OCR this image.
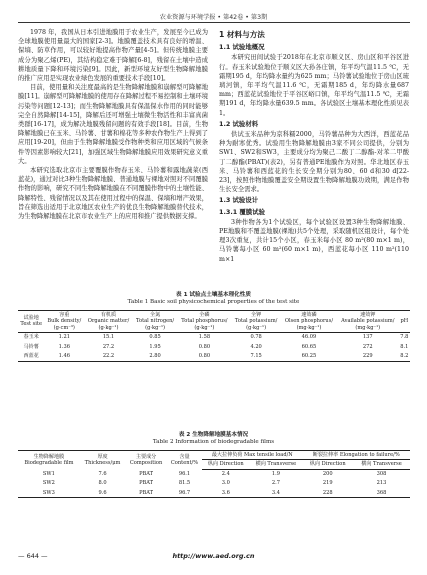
农业资源与环境学报 • 第42卷 • 第3期

1978 年，我国从日本引进地膜用于农业生产，发展至今已成为全球地膜使用量最大的国家[2-3]。地膜覆盖技术具有良好的增温、保墒、防草作用，可以较好地提高作物产量[4-5]。但传统地膜主要成分为聚乙烯(PE)，其结构稳定难于降解[6-8]，残留在土壤中造成耕地质量下降和环境污染[9]。因此，新型环境友好型生物降解地膜的推广应用是实现农业绿色发展的重要技术手段[10]。

目前，使用量和关注度最高的是生物降解地膜和崩解型可降解地膜[11]。崩解型可降解地膜的使用存在降解过程不易控制和土壤环境污染等问题[12-13]；而生物降解地膜具有保温保水作用的同时能够完全自然降解[14-15]，降解后还可增强土壤微生物活性和丰富真菌类群[16-17]，成为解决地膜残留问题的有效手段[18]。目前，生物降解地膜已在玉米、马铃薯、甘薯和棉花等多种农作物生产上得到了应用[19-20]，但由于生物降解地膜受作物种类和应用区域的气候条件等因素影响较大[21]，加强区域生物降解地膜应用效果研究意义重大。

本研究选取北京市主要覆膜作物春玉米、马铃薯和露地蔬菜(西蓝花)，通过对比3种生物降解地膜、普通地膜与裸地对照对不同覆膜作物的影响，研究不同生物降解地膜在不同覆膜作物中的土壤性能、降解特性、残留情况以及其在使用过程中的保温、保墒和增产效果，旨在筛选出适用于北京地区农业生产的优良生物降解地膜替代技术，为生物降解地膜在北京市农业生产上的应用和推广提供数据支撑。

1 材料与方法
1.1 试验地概况

本研究田间试验于2018年在北京市顺义区、房山区和平谷区进行。春玉米试验地位于顺义区大孙各庄镇，年平均气温11.5 ℃，无霜期195 d，年均降水量约为625 mm；马铃薯试验地位于房山区琉璃河镇，年平均气温11.6 ℃，无霜期185 d，年均降水量687 mm；西蓝花试验地位于平谷区峪口镇，年平均气温11.5 ℃，无霜期191 d，年均降水量639.5 mm。各试验区土壤基本理化性质见表1。

1.2 试验材料

供试玉米品种为京科糯2000，马铃薯品种为大西洋，西蓝花品种为耐寒优秀。试验用生物降解地膜由3家不同公司提供，分别为SW1、SW2和SW3，主要成分均为聚己二酸丁二醇酯-对苯二甲酸丁二醇酯(PBAT)(表2)，另有普通PE地膜作为对照。华北地区春玉米、马铃薯和西蓝花的生长安全期分别为80、60 d和30 d[22-23]，按照作物地膜覆盖安全期设置生物降解地膜功效期，满足作物生长安全需求。

1.3 试验设计
1.3.1 覆膜试验

3种作物各为1个试验区，每个试验区设置3种生物降解地膜、PE地膜和不覆盖地膜(裸地)共5个处理，采取随机区组设计，每个处理3次重复，共计15个小区，春玉米每小区 80 m²(80 m×1 m)，马铃薯每小区 60 m²(60 m×1 m)，西蓝花每小区 110 m²(110 m×1

表 1 试验点土壤基本理化性质
Table 1 Basic soil physicochemical properties of the test site
试验地
Test site	容重
Bulk density/
(g·cm⁻³)	有机质
Organic matter/
(g·kg⁻¹)	全氮
Total nitrogen/
(g·kg⁻¹)	全磷
Total phosphorus/
(g·kg⁻¹)	全钾
Total potassium/
(g·kg⁻¹)	速效磷
Olsen phosphorus/
(mg·kg⁻¹)	速效钾
Available potassium/
(mg·kg⁻¹)	pH
春玉米	1.21	15.1	0.85	1.58	0.78	46.09	137	7.8
马铃薯	1.36	27.2	1.95	0.80	4.20	60.65	272	8.1
西蓝花	1.46	22.2	2.80	0.80	7.15	60.25	229	8.2
表 2 生物降解地膜基本情况
Table 2 Information of biodegradable films
生物降解地膜
Biodegradable film	厚度
Thickness/μm	主要成分
Composition	含量
Content/%	最大拉伸负荷 Max tensile load/N		断裂拉伸率 Elongation to failure/%	
				纵向 Direction	横向 Transverse	纵向 Direction	横向 Transverse
SW1	7.6	PBAT	96.1	2.4	1.9	200	308
SW2	8.0	PBAT	81.5	3.0	2.7	219	213
SW3	9.6	PBAT	96.7	3.6	3.4	228	368
— 644 —	http://www.aed.org.cn
